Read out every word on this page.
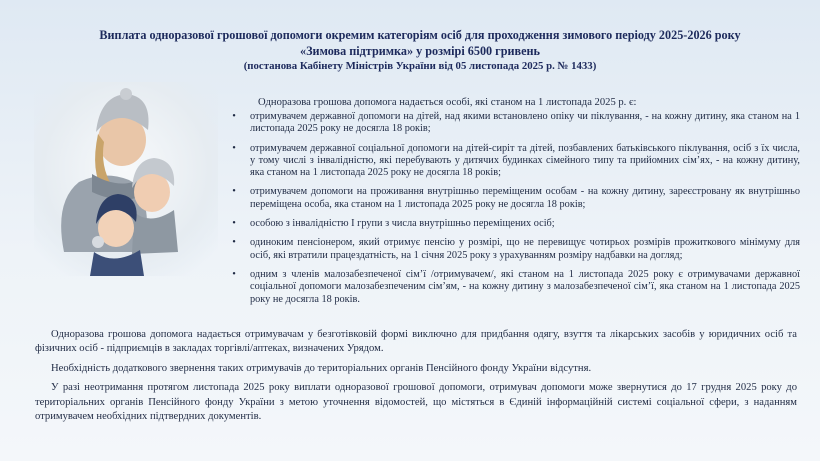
Виплата одноразової грошової допомоги окремим категоріям осіб для проходження зимового періоду 2025-2026 року
«Зимова підтримка» у розмірі 6500 гривень
(постанова Кабінету Міністрів України від 05 листопада 2025 р. № 1433)
Одноразова грошова допомога надається особі, які станом на 1 листопада 2025 р. є:
•	отримувачем державної допомоги на дітей, над якими встановлено опіку чи піклування, - на кожну дитину, яка станом на 1 листопада 2025 року не досягла 18 років;
•	отримувачем державної соціальної допомоги на дітей-сиріт та дітей, позбавлених батьківського піклування, осіб з їх числа, у тому числі з інвалідністю, які перебувають у дитячих будинках сімейного типу та прийомних сім’ях, - на кожну дитину, яка станом на 1 листопада 2025 року не досягла 18 років;
•	отримувачем допомоги на проживання внутрішньо переміщеним особам - на кожну дитину, зареєстровану як внутрішньо переміщена особа, яка станом на 1 листопада 2025 року не досягла 18 років;
•	особою з інвалідністю І групи з числа внутрішньо переміщених осіб;
•	одиноким пенсіонером, який отримує пенсію у розмірі, що не перевищує чотирьох розмірів прожиткового мінімуму для осіб, які втратили працездатність, на 1 січня 2025 року з урахуванням розміру надбавки на догляд;
•	одним з членів малозабезпеченої сім’ї /отримувачем/, які станом на 1 листопада 2025 року є отримувачами державної соціальної допомоги малозабезпеченим сім’ям, - на кожну дитину з малозабезпеченої сім’ї, яка станом на 1 листопада 2025 року не досягла 18 років.

Одноразова грошова допомога надається отримувачам у безготівковій формі виключно для придбання одягу, взуття та лікарських засобів у юридичних осіб та фізичних осіб - підприємців в закладах торгівлі/аптеках, визначених Урядом.

Необхідність додаткового звернення таких отримувачів до територіальних органів Пенсійного фонду України відсутня.

У разі неотримання протягом листопада 2025 року виплати одноразової грошової допомоги, отримувач допомоги може звернутися до 17 грудня 2025 року до територіальних органів Пенсійного фонду України з метою уточнення відомостей, що містяться в Єдиній інформаційній системі соціальної сфери, з наданням отримувачем необхідних підтвердних документів.
